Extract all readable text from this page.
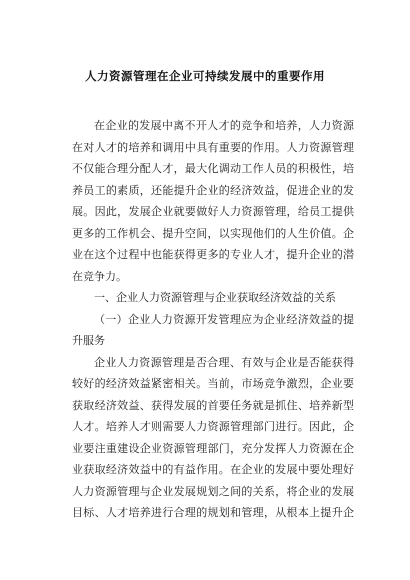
人力资源管理在企业可持续发展中的重要作用
在企业的发展中离不开人才的竞争和培养，人力资源
在对人才的培养和调用中具有重要的作用。人力资源管理
不仅能合理分配人才，最大化调动工作人员的积极性，培
养员工的素质，还能提升企业的经济效益，促进企业的发
展。因此，发展企业就要做好人力资源管理，给员工提供
更多的工作机会、提升空间，以实现他们的人生价值。企
业在这个过程中也能获得更多的专业人才，提升企业的潜
在竞争力。
一、企业人力资源管理与企业获取经济效益的关系
（一）企业人力资源开发管理应为企业经济效益的提
升服务
企业人力资源管理是否合理、有效与企业是否能获得
较好的经济效益紧密相关。当前，市场竞争激烈，企业要
获取经济效益、获得发展的首要任务就是抓住、培养新型
人才。培养人才则需要人力资源管理部门进行。因此，企
业要注重建设企业资源管理部门，充分发挥人力资源在企
业获取经济效益中的有益作用。在企业的发展中要处理好
人力资源管理与企业发展规划之间的关系，将企业的发展
目标、人才培养进行合理的规划和管理，从根本上提升企
